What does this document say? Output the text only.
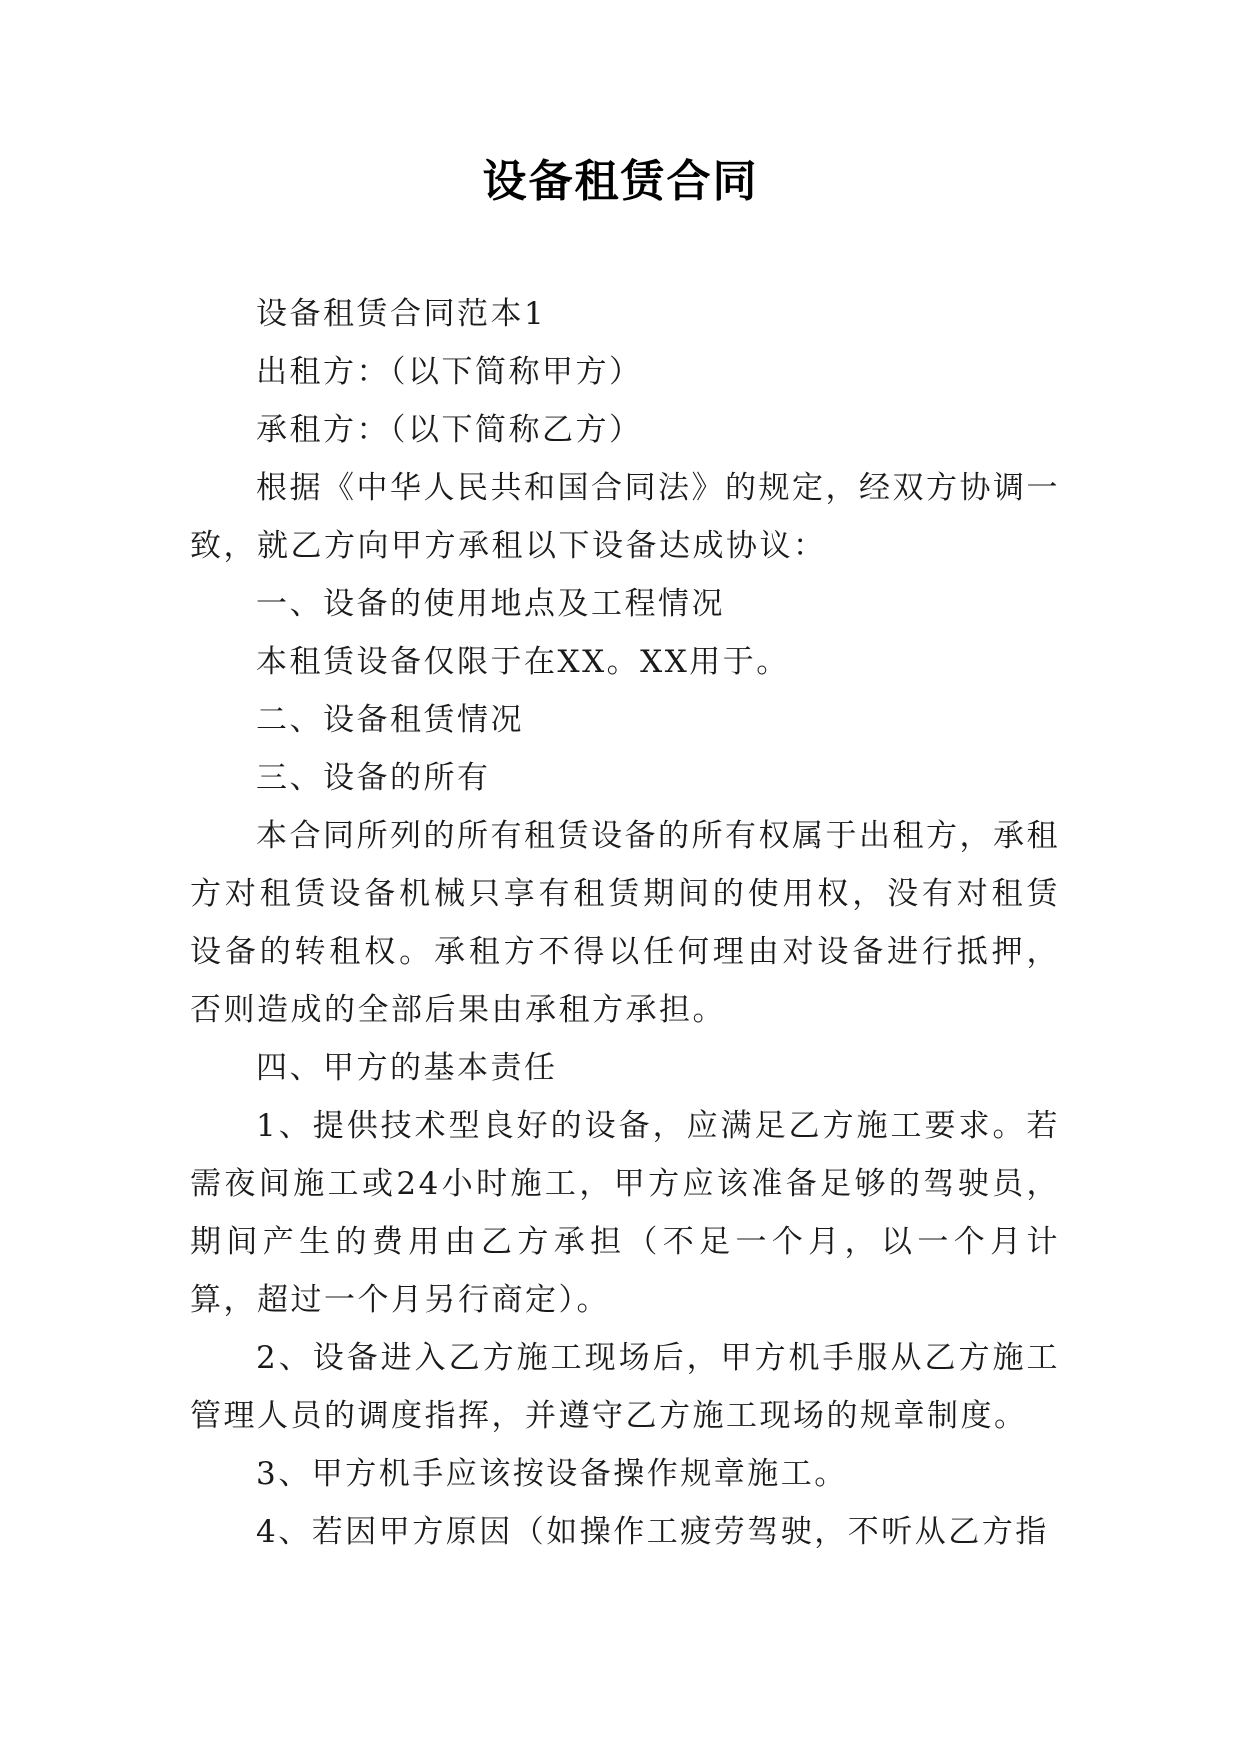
设备租赁合同

设备租赁合同范本1

出租方：（以下简称甲方）

承租方：（以下简称乙方）

根据《中华人民共和国合同法》的规定，经双方协调一致，就乙方向甲方承租以下设备达成协议：

一、设备的使用地点及工程情况

本租赁设备仅限于在XX。XX用于。

二、设备租赁情况

三、设备的所有

本合同所列的所有租赁设备的所有权属于出租方，承租方对租赁设备机械只享有租赁期间的使用权，没有对租赁设备的转租权。承租方不得以任何理由对设备进行抵押，否则造成的全部后果由承租方承担。

四、甲方的基本责任

1、提供技术型良好的设备，应满足乙方施工要求。若需夜间施工或24小时施工，甲方应该准备足够的驾驶员，期间产生的费用由乙方承担（不足一个月，以一个月计算，超过一个月另行商定）。

2、设备进入乙方施工现场后，甲方机手服从乙方施工管理人员的调度指挥，并遵守乙方施工现场的规章制度。

3、甲方机手应该按设备操作规章施工。

4、若因甲方原因（如操作工疲劳驾驶，不听从乙方指
